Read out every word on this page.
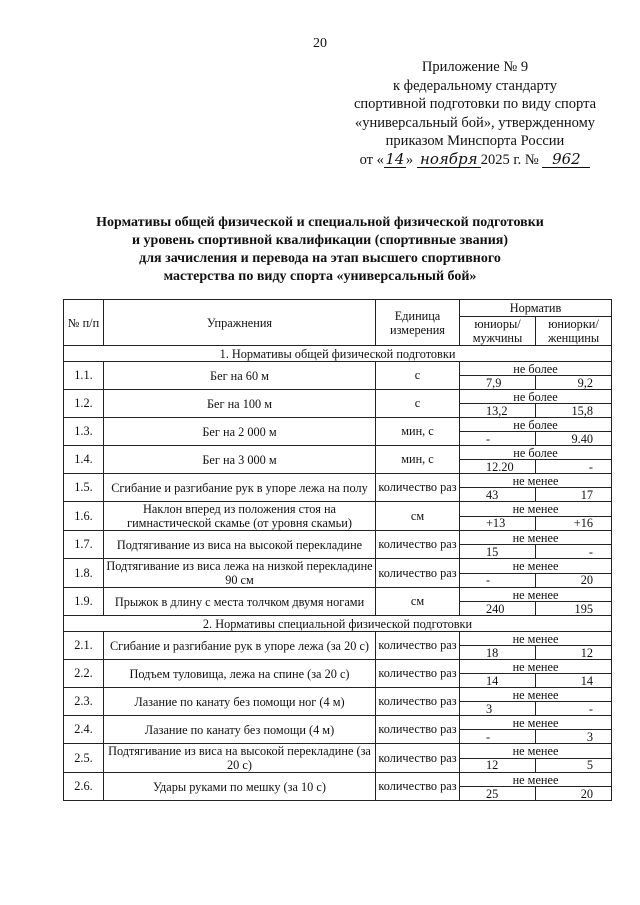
20
Приложение № 9
к федеральному стандарту
спортивной подготовки по виду спорта
«универсальный бой», утвержденному
приказом Минспорта России
от «14» ноября 2025 г. № 962
Нормативы общей физической и специальной физической подготовки
и уровень спортивной квалификации (спортивные звания)
для зачисления и перевода на этап высшего спортивного
мастерства по виду спорта «универсальный бой»
№ п/п	Упражнения	Единица измерения	Норматив	
			юниоры/ мужчины	юниорки/ женщины
1. Нормативы общей физической подготовки				
1.1.	Бег на 60 м	с	не более	
			7,9	9,2
1.2.	Бег на 100 м	с	не более	
			13,2	15,8
1.3.	Бег на 2 000 м	мин, с	не более	
			-	9.40
1.4.	Бег на 3 000 м	мин, с	не более	
			12.20	-
1.5.	Сгибание и разгибание рук в упоре лежа на полу	количество раз	не менее	
			43	17
1.6.	Наклон вперед из положения стоя на гимнастической скамье (от уровня скамьи)	см	не менее	
			+13	+16
1.7.	Подтягивание из виса на высокой перекладине	количество раз	не менее	
			15	-
1.8.	Подтягивание из виса лежа на низкой перекладине 90 см	количество раз	не менее	
			-	20
1.9.	Прыжок в длину с места толчком двумя ногами	см	не менее	
			240	195
2. Нормативы специальной физической подготовки				
2.1.	Сгибание и разгибание рук в упоре лежа (за 20 с)	количество раз	не менее	
			18	12
2.2.	Подъем туловища, лежа на спине (за 20 с)	количество раз	не менее	
			14	14
2.3.	Лазание по канату без помощи ног (4 м)	количество раз	не менее	
			3	-
2.4.	Лазание по канату без помощи (4 м)	количество раз	не менее	
			-	3
2.5.	Подтягивание из виса на высокой перекладине (за 20 с)	количество раз	не менее	
			12	5
2.6.	Удары руками по мешку (за 10 с)	количество раз	не менее	
			25	20
